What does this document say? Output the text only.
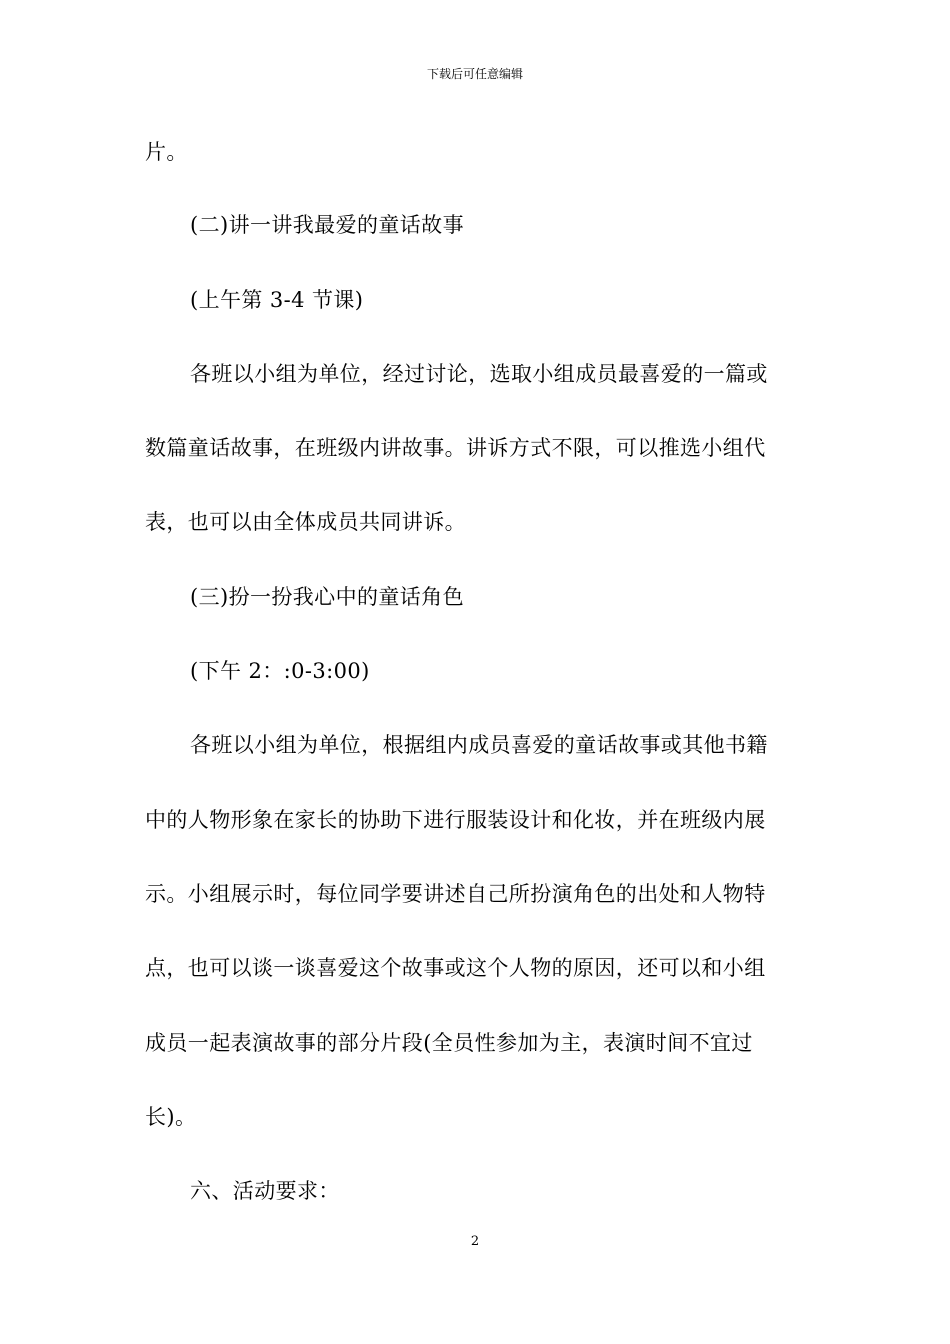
下载后可任意编辑

片。

(二)讲一讲我最爱的童话故事

(上午第 3-4 节课)

各班以小组为单位，经过讨论，选取小组成员最喜爱的一篇或

数篇童话故事，在班级内讲故事。讲诉方式不限，可以推选小组代

表，也可以由全体成员共同讲诉。

(三)扮一扮我心中的童话角色

(下午 2：:0-3:00)

各班以小组为单位，根据组内成员喜爱的童话故事或其他书籍

中的人物形象在家长的协助下进行服装设计和化妆，并在班级内展

示。小组展示时，每位同学要讲述自己所扮演角色的出处和人物特

点，也可以谈一谈喜爱这个故事或这个人物的原因，还可以和小组

成员一起表演故事的部分片段(全员性参加为主，表演时间不宜过

长)。

六、活动要求：

2
